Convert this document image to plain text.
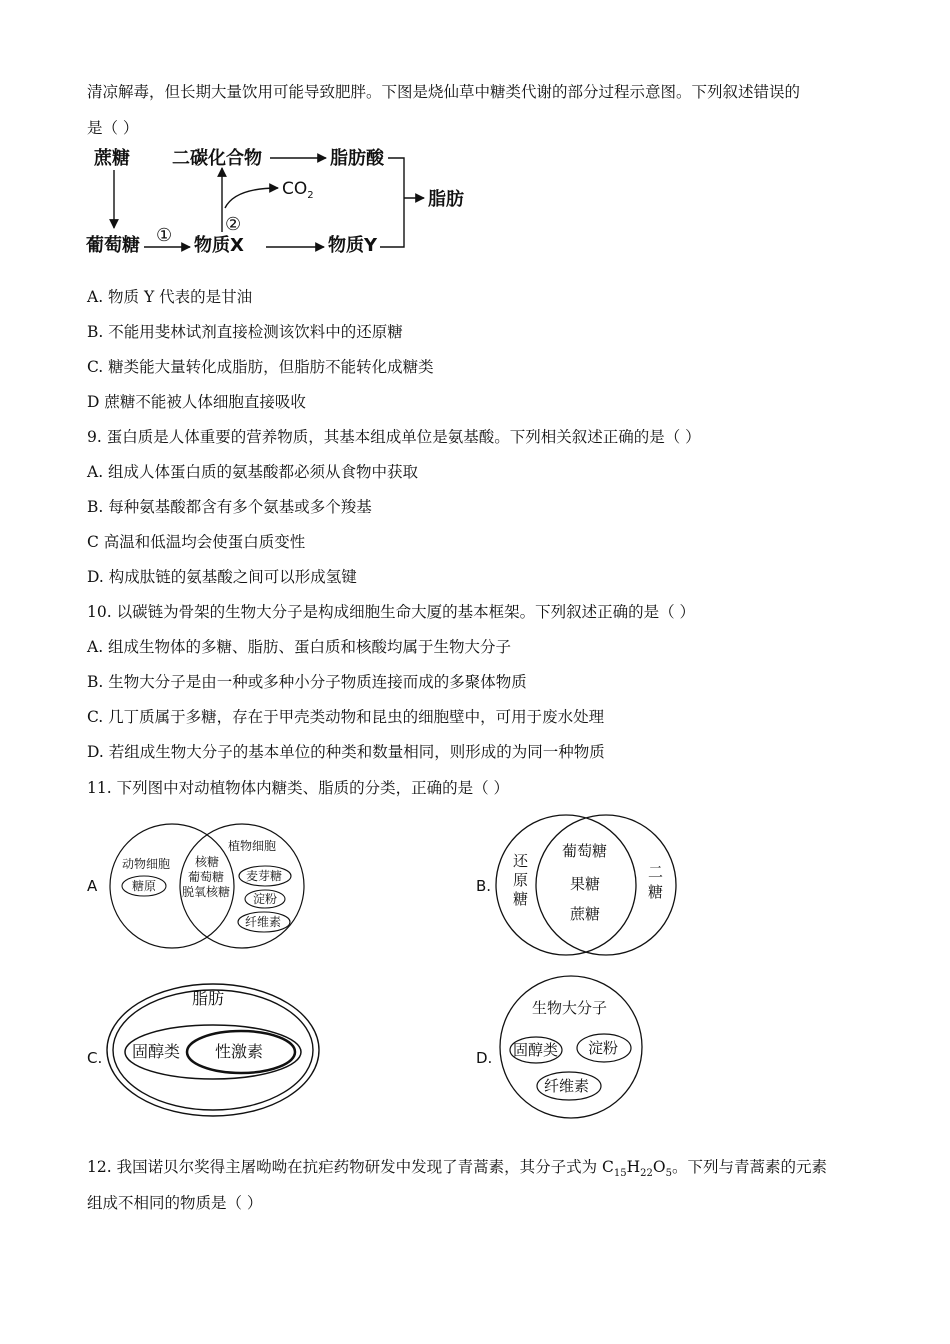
清凉解毒，但长期大量饮用可能导致肥胖。下图是烧仙草中糖类代谢的部分过程示意图。下列叙述错误的
是（ ）
蔗糖
葡萄糖 ① 物质X
$CO_2$
②
二碳化合物	脂肪酸
物质Y
脂肪
A. 物质 Y 代表的是甘油
B. 不能用斐林试剂直接检测该饮料中的还原糖
C. 糖类能大量转化成脂肪，但脂肪不能转化成糖类
D 蔗糖不能被人体细胞直接吸收
9. 蛋白质是人体重要的营养物质，其基本组成单位是氨基酸。下列相关叙述正确的是（ ）
A. 组成人体蛋白质的氨基酸都必须从食物中获取
B. 每种氨基酸都含有多个氨基或多个羧基
C 高温和低温均会使蛋白质变性
D. 构成肽链的氨基酸之间可以形成氢键
10. 以碳链为骨架的生物大分子是构成细胞生命大厦的基本框架。下列叙述正确的是（ ）
A. 组成生物体的多糖、脂肪、蛋白质和核酸均属于生物大分子
B. 生物大分子是由一种或多种小分子物质连接而成的多聚体物质
C. 几丁质属于多糖，存在于甲壳类动物和昆虫的细胞壁中，可用于废水处理
D. 若组成生物大分子的基本单位的种类和数量相同，则形成的为同一种物质
11. 下列图中对动植物体内糖类、脂质的分类，正确的是（ ）
A
动物细胞
糖原
核糖
葡萄糖
脱氧核糖
植物细胞
麦芽糖
淀粉
纤维素
B.
还
原
糖
葡萄糖
果糖
蔗糖
二
糖
C.
脂肪
固醇类 性激素	D.
生物大分子
固醇类 淀粉
纤维素
12. 我国诺贝尔奖得主屠呦呦在抗疟药物研发中发现了青蒿素，其分子式为 $C_{15}H_{22}O_5$。下列与青蒿素的元素
组成不相同的物质是（ ）
